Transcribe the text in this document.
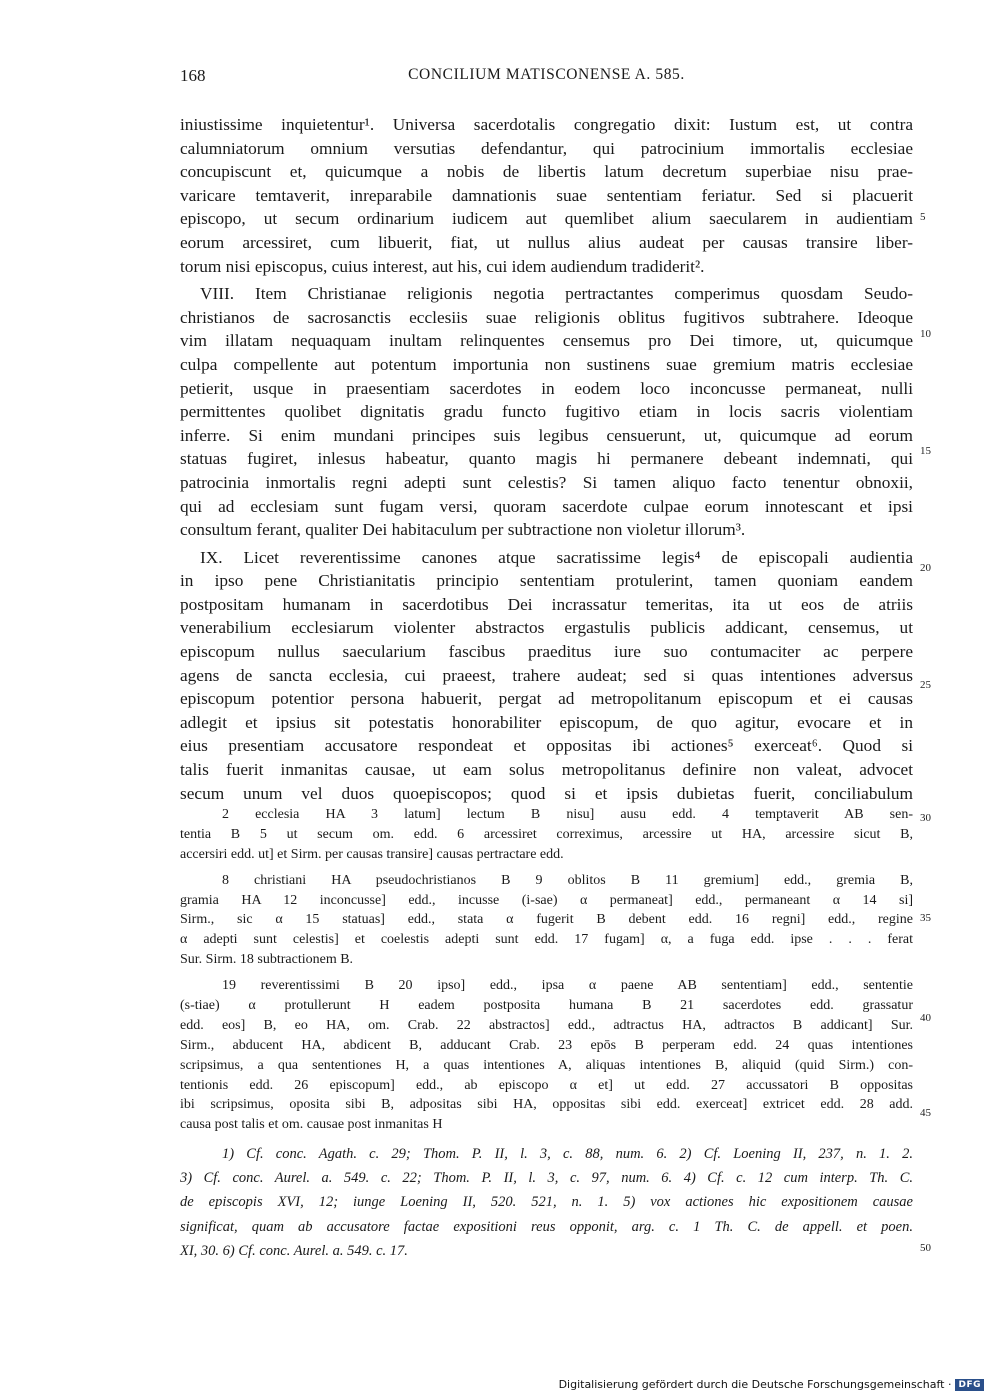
168	CONCILIUM MATISCONENSE A. 585.
iniustissime inquietentur¹. Universa sacerdotalis congregatio dixit: Iustum est, ut contra
calumniatorum omnium versutias defendantur, qui patrocinium immortalis ecclesiae
concupiscunt et, quicumque a nobis de libertis latum decretum superbiae nisu prae-
varicare temtaverit, inreparabile damnationis suae sententiam feriatur. Sed si placuerit
episcopo, ut secum ordinarium iudicem aut quemlibet alium saecularem in audientiam
eorum arcessiret, cum libuerit, fiat, ut nullus alius audeat per causas transire liber-
torum nisi episcopus, cuius interest, aut his, cui idem audiendum tradiderit².
VIII. Item Christianae religionis negotia pertractantes comperimus quosdam Seudo-
christianos de sacrosanctis ecclesiis suae religionis oblitus fugitivos subtrahere. Ideoque
vim illatam nequaquam inultam relinquentes censemus pro Dei timore, ut, quicumque
culpa compellente aut potentum importunia non sustinens suae gremium matris ecclesiae
petierit, usque in praesentiam sacerdotes in eodem loco inconcusse permaneat, nulli
permittentes quolibet dignitatis gradu functo fugitivo etiam in locis sacris violentiam
inferre. Si enim mundani principes suis legibus censuerunt, ut, quicumque ad eorum
statuas fugiret, inlesus habeatur, quanto magis hi permanere debeant indemnati, qui
patrocinia inmortalis regni adepti sunt celestis? Si tamen aliquo facto tenentur obnoxii,
qui ad ecclesiam sunt fugam versi, quoram sacerdote culpae eorum innotescant et ipsi
consultum ferant, qualiter Dei habitaculum per subtractione non violetur illorum³.
IX. Licet reverentissime canones atque sacratissime legis⁴ de episcopali audientia
in ipso pene Christianitatis principio sententiam protulerint, tamen quoniam eandem
postpositam humanam in sacerdotibus Dei incrassatur temeritas, ita ut eos de atriis
venerabilium ecclesiarum violenter abstractos ergastulis publicis addicant, censemus, ut
episcopum nullus saecularium fascibus praeditus iure suo contumaciter ac perpere
agens de sancta ecclesia, cui praeest, trahere audeat; sed si quas intentiones adversus
episcopum potentior persona habuerit, pergat ad metropolitanum episcopum et ei causas
adlegit et ipsius sit potestatis honorabiliter episcopum, de quo agitur, evocare et in
eius presentiam accusatore respondeat et oppositas ibi actiones⁵ exerceat⁶. Quod si
talis fuerit inmanitas causae, ut eam solus metropolitanus definire non valeat, advocet
secum unum vel duos quoepiscopos; quod si et ipsis dubietas fuerit, conciliabulum
2 ecclesia HA 3 latum] lectum B nisu] ausu edd. 4 temptaverit AB sen-
tentia B 5 ut secum om. edd. 6 arcessiret correximus, arcessire ut HA, arcessire sicut B,
accersiri edd. ut] et Sirm. per causas transire] causas pertractare edd.
8 christiani HA pseudochristianos B 9 oblitos B 11 gremium] edd., gremia B,
gramia HA 12 inconcusse] edd., incusse (i-sae) α permaneat] edd., permaneant α 14 si]
Sirm., sic α 15 statuas] edd., stata α fugerit B debent edd. 16 regni] edd., regine
α adepti sunt celestis] et coelestis adepti sunt edd. 17 fugam] α, a fuga edd. ipse . . . ferat
Sur. Sirm. 18 subtractionem B.
19 reverentissimi B 20 ipso] edd., ipsa α paene AB sententiam] edd., sententie
(s-tiae) α protullerunt H eadem postposita humana B 21 sacerdotes edd. grassatur
edd. eos] B, eo HA, om. Crab. 22 abstractos] edd., adtractus HA, adtractos B addicant] Sur.
Sirm., abducent HA, abdicent B, adducant Crab. 23 epōs B perperam edd. 24 quas intentiones
scripsimus, a qua sententiones H, a quas intentiones A, aliquas intentiones B, aliquid (quid Sirm.) con-
tentionis edd. 26 episcopum] edd., ab episcopo α et] ut edd. 27 accussatori B oppositas
ibi scripsimus, oposita sibi B, adpositas sibi HA, oppositas sibi edd. exerceat] extricet edd. 28 add.
causa post talis et om. causae post inmanitas H
1) Cf. conc. Agath. c. 29; Thom. P. II, l. 3, c. 88, num. 6. 2) Cf. Loening II, 237, n. 1. 2.
3) Cf. conc. Aurel. a. 549. c. 22; Thom. P. II, l. 3, c. 97, num. 6. 4) Cf. c. 12 cum interp. Th. C.
de episcopis XVI, 12; iunge Loening II, 520. 521, n. 1. 5) vox actiones hic expositionem causae
significat, quam ab accusatore factae expositioni reus opponit, arg. c. 1 Th. C. de appell. et poen.
XI, 30. 6) Cf. conc. Aurel. a. 549. c. 17.
5
10
15
20
25
30
35
40
45
50
Digitalisierung gefördert durch die Deutsche Forschungsgemeinschaft · DFG
